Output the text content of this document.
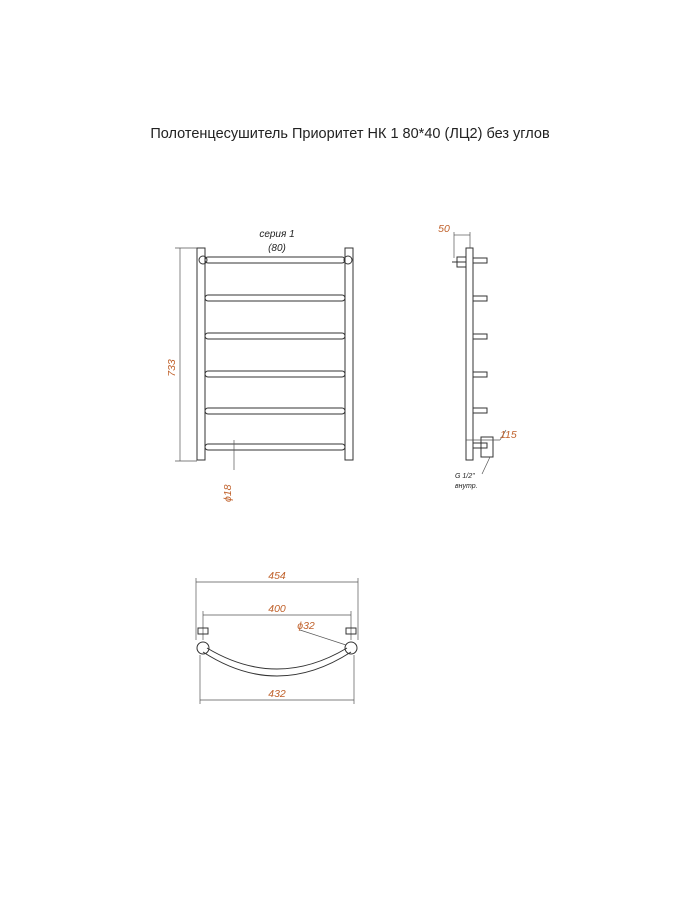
Полотенцесушитель Приоритет НК 1 80*40 (ЛЦ2) без углов
733
серия 1
(80)
ϕ18
50
115
G 1/2"
внутр.
454
400
ϕ32
432
